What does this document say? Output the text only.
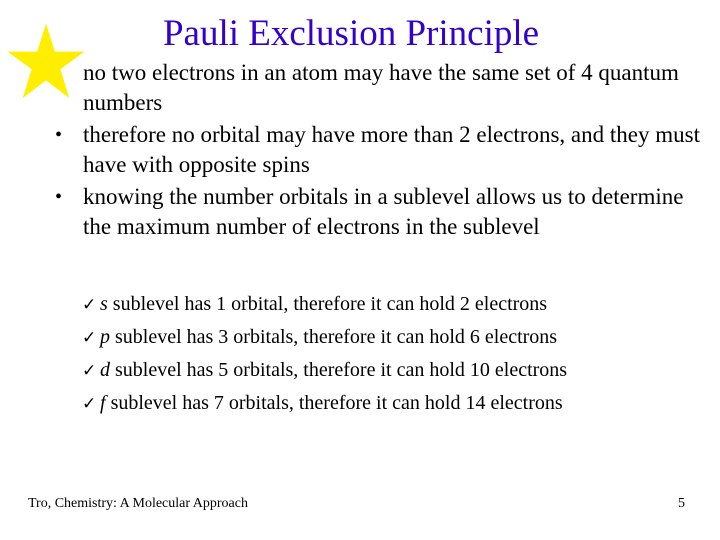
Pauli Exclusion Principle
no two electrons in an atom may have the same set of 4 quantum numbers
• therefore no orbital may have more than 2 electrons, and they must have with opposite spins
• knowing the number orbitals in a sublevel allows us to determine the maximum number of electrons in the sublevel
✓ s sublevel has 1 orbital, therefore it can hold 2 electrons
✓ p sublevel has 3 orbitals, therefore it can hold 6 electrons
✓ d sublevel has 5 orbitals, therefore it can hold 10 electrons
✓ f sublevel has 7 orbitals, therefore it can hold 14 electrons
Tro, Chemistry: A Molecular Approach	5
